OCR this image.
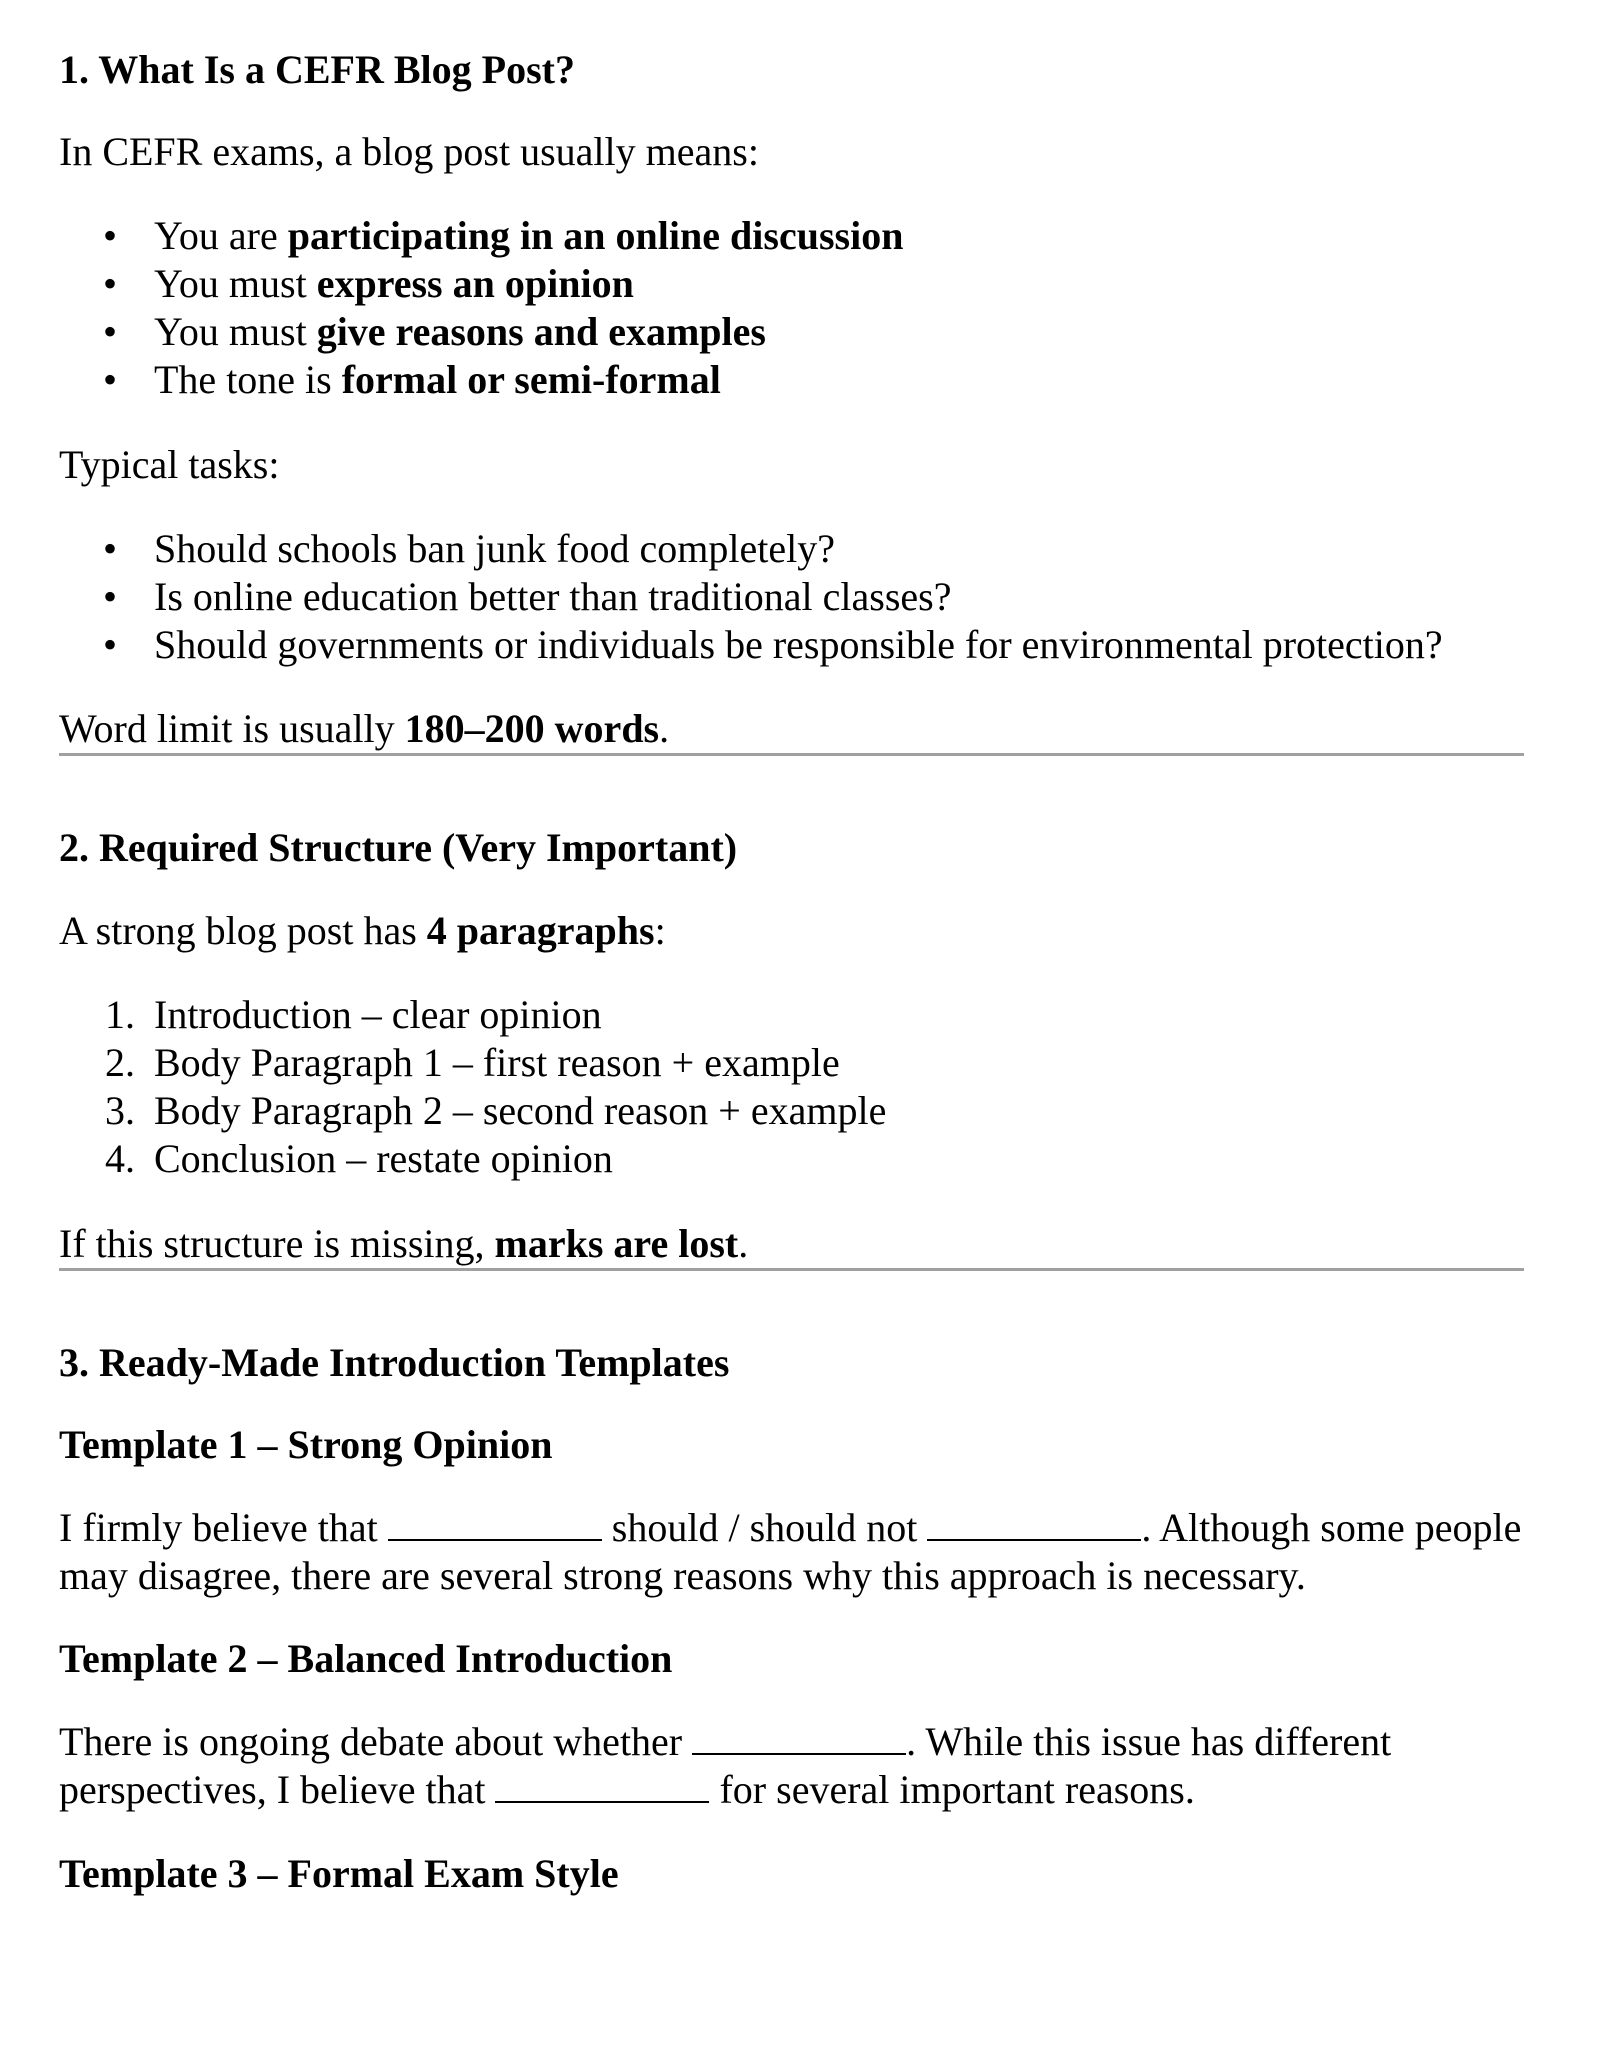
1. What Is a CEFR Blog Post?

In CEFR exams, a blog post usually means:

• You are participating in an online discussion
• You must express an opinion
• You must give reasons and examples
• The tone is formal or semi-formal

Typical tasks:

• Should schools ban junk food completely?
• Is online education better than traditional classes?
• Should governments or individuals be responsible for environmental protection?

Word limit is usually 180–200 words.

2. Required Structure (Very Important)

A strong blog post has 4 paragraphs:

1. Introduction – clear opinion
2. Body Paragraph 1 – first reason + example
3. Body Paragraph 2 – second reason + example
4. Conclusion – restate opinion

If this structure is missing, marks are lost.

3. Ready-Made Introduction Templates
Template 1 – Strong Opinion

I firmly believe that	should / should not	. Although some people may disagree, there are several strong reasons why this approach is necessary.

Template 2 – Balanced Introduction

There is ongoing debate about whether	. While this issue has different perspectives, I believe that	for several important reasons.

Template 3 – Formal Exam Style
